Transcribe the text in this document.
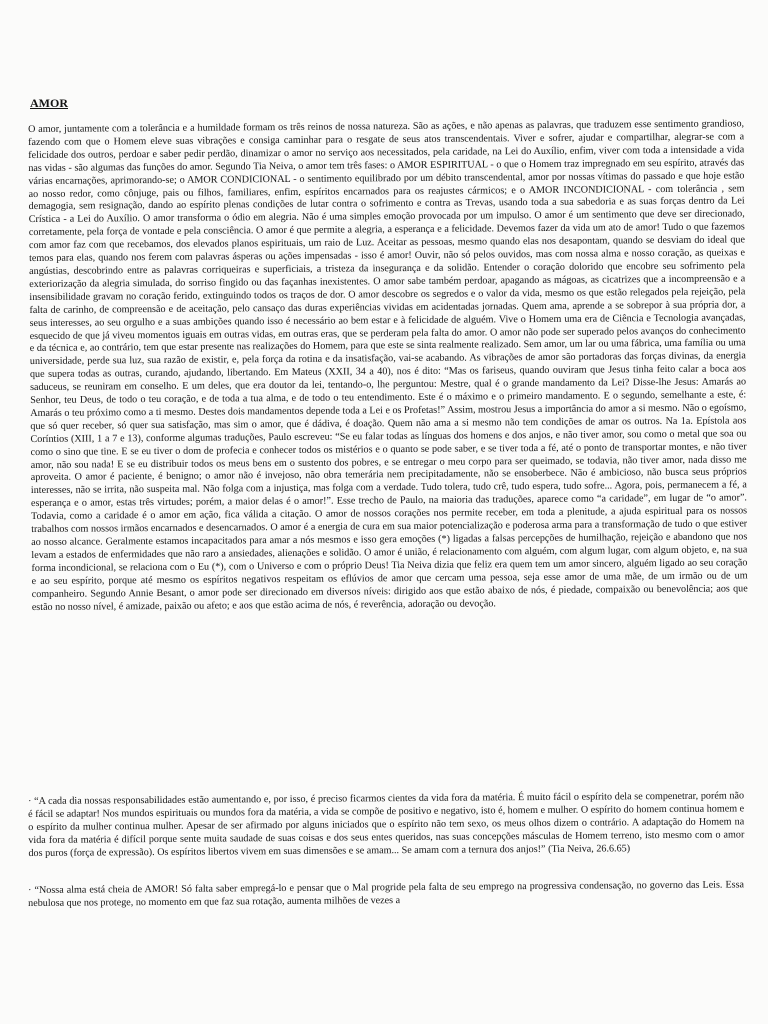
AMOR

O amor, juntamente com a tolerância e a humildade formam os três reinos de nossa natureza. São as ações, e não apenas as palavras, que traduzem esse sentimento grandioso, fazendo com que o Homem eleve suas vibrações e consiga caminhar para o resgate de seus atos transcendentais. Viver e sofrer, ajudar e compartilhar, alegrar-se com a felicidade dos outros, perdoar e saber pedir perdão, dinamizar o amor no serviço aos necessitados, pela caridade, na Lei do Auxílio, enfim, viver com toda a intensidade a vida nas vidas - são algumas das funções do amor. Segundo Tia Neiva, o amor tem três fases: o AMOR ESPIRITUAL - o que o Homem traz impregnado em seu espírito, através das várias encarnações, aprimorando-se; o AMOR CONDICIONAL - o sentimento equilibrado por um débito transcendental, amor por nossas vítimas do passado e que hoje estão ao nosso redor, como cônjuge, pais ou filhos, familiares, enfim, espíritos encarnados para os reajustes cármicos; e o AMOR INCONDICIONAL - com tolerância , sem demagogia, sem resignação, dando ao espírito plenas condições de lutar contra o sofrimento e contra as Trevas, usando toda a sua sabedoria e as suas forças dentro da Lei Crística - a Lei do Auxílio. O amor transforma o ódio em alegria. Não é uma simples emoção provocada por um impulso. O amor é um sentimento que deve ser direcionado, corretamente, pela força de vontade e pela consciência. O amor é que permite a alegria, a esperança e a felicidade. Devemos fazer da vida um ato de amor! Tudo o que fazemos com amor faz com que recebamos, dos elevados planos espirituais, um raio de Luz. Aceitar as pessoas, mesmo quando elas nos desapontam, quando se desviam do ideal que temos para elas, quando nos ferem com palavras ásperas ou ações impensadas - isso é amor! Ouvir, não só pelos ouvidos, mas com nossa alma e nosso coração, as queixas e angústias, descobrindo entre as palavras corriqueiras e superficiais, a tristeza da insegurança e da solidão. Entender o coração dolorido que encobre seu sofrimento pela exteriorização da alegria simulada, do sorriso fingido ou das façanhas inexistentes. O amor sabe também perdoar, apagando as mágoas, as cicatrizes que a incompreensão e a insensibilidade gravam no coração ferido, extinguindo todos os traços de dor. O amor descobre os segredos e o valor da vida, mesmo os que estão relegados pela rejeição, pela falta de carinho, de compreensão e de aceitação, pelo cansaço das duras experiências vividas em acidentadas jornadas. Quem ama, aprende a se sobrepor à sua própria dor, a seus interesses, ao seu orgulho e a suas ambições quando isso é necessário ao bem estar e à felicidade de alguém. Vive o Homem uma era de Ciência e Tecnologia avançadas, esquecido de que já viveu momentos iguais em outras vidas, em outras eras, que se perderam pela falta do amor. O amor não pode ser superado pelos avanços do conhecimento e da técnica e, ao contrário, tem que estar presente nas realizações do Homem, para que este se sinta realmente realizado. Sem amor, um lar ou uma fábrica, uma família ou uma universidade, perde sua luz, sua razão de existir, e, pela força da rotina e da insatisfação, vai-se acabando. As vibrações de amor são portadoras das forças divinas, da energia que supera todas as outras, curando, ajudando, libertando. Em Mateus (XXII, 34 a 40), nos é dito: “Mas os fariseus, quando ouviram que Jesus tinha feito calar a boca aos saduceus, se reuniram em conselho. E um deles, que era doutor da lei, tentando-o, lhe perguntou: Mestre, qual é o grande mandamento da Lei? Disse-lhe Jesus: Amarás ao Senhor, teu Deus, de todo o teu coração, e de toda a tua alma, e de todo o teu entendimento. Este é o máximo e o primeiro mandamento. E o segundo, semelhante a este, é: Amarás o teu próximo como a ti mesmo. Destes dois mandamentos depende toda a Lei e os Profetas!” Assim, mostrou Jesus a importância do amor a si mesmo. Não o egoísmo, que só quer receber, só quer sua satisfação, mas sim o amor, que é dádiva, é doação. Quem não ama a si mesmo não tem condições de amar os outros. Na 1a. Epístola aos Coríntios (XIII, 1 a 7 e 13), conforme algumas traduções, Paulo escreveu: “Se eu falar todas as línguas dos homens e dos anjos, e não tiver amor, sou como o metal que soa ou como o sino que tine. E se eu tiver o dom de profecia e conhecer todos os mistérios e o quanto se pode saber, e se tiver toda a fé, até o ponto de transportar montes, e não tiver amor, não sou nada! E se eu distribuir todos os meus bens em o sustento dos pobres, e se entregar o meu corpo para ser queimado, se todavia, não tiver amor, nada disso me aproveita. O amor é paciente, é benigno; o amor não é invejoso, não obra temerária nem precipitadamente, não se ensoberbece. Não é ambicioso, não busca seus próprios interesses, não se irrita, não suspeita mal. Não folga com a injustiça, mas folga com a verdade. Tudo tolera, tudo crê, tudo espera, tudo sofre... Agora, pois, permanecem a fé, a esperança e o amor, estas três virtudes; porém, a maior delas é o amor!”. Esse trecho de Paulo, na maioria das traduções, aparece como “a caridade”, em lugar de “o amor”. Todavia, como a caridade é o amor em ação, fica válida a citação. O amor de nossos corações nos permite receber, em toda a plenitude, a ajuda espiritual para os nossos trabalhos com nossos irmãos encarnados e desencarnados. O amor é a energia de cura em sua maior potencialização e poderosa arma para a transformação de tudo o que estiver ao nosso alcance. Geralmente estamos incapacitados para amar a nós mesmos e isso gera emoções (*) ligadas a falsas percepções de humilhação, rejeição e abandono que nos levam a estados de enfermidades que não raro a ansiedades, alienações e solidão. O amor é união, é relacionamento com alguém, com algum lugar, com algum objeto, e, na sua forma incondicional, se relaciona com o Eu (*), com o Universo e com o próprio Deus! Tia Neiva dizia que feliz era quem tem um amor sincero, alguém ligado ao seu coração e ao seu espírito, porque até mesmo os espíritos negativos respeitam os eflúvios de amor que cercam uma pessoa, seja esse amor de uma mãe, de um irmão ou de um companheiro. Segundo Annie Besant, o amor pode ser direcionado em diversos níveis: dirigido aos que estão abaixo de nós, é piedade, compaixão ou benevolência; aos que estão no nosso nível, é amizade, paixão ou afeto; e aos que estão acima de nós, é reverência, adoração ou devoção.

· “A cada dia nossas responsabilidades estão aumentando e, por isso, é preciso ficarmos cientes da vida fora da matéria. É muito fácil o espírito dela se compenetrar, porém não é fácil se adaptar! Nos mundos espirituais ou mundos fora da matéria, a vida se compõe de positivo e negativo, isto é, homem e mulher. O espírito do homem continua homem e o espírito da mulher continua mulher. Apesar de ser afirmado por alguns iniciados que o espírito não tem sexo, os meus olhos dizem o contrário. A adaptação do Homem na vida fora da matéria é difícil porque sente muita saudade de suas coisas e dos seus entes queridos, nas suas concepções másculas de Homem terreno, isto mesmo com o amor dos puros (força de expressão). Os espíritos libertos vivem em suas dimensões e se amam... Se amam com a ternura dos anjos!” (Tia Neiva, 26.6.65)

· “Nossa alma está cheia de AMOR! Só falta saber empregá-lo e pensar que o Mal progride pela falta de seu emprego na progressiva condensação, no governo das Leis. Essa nebulosa que nos protege, no momento em que faz sua rotação, aumenta milhões de vezes a
